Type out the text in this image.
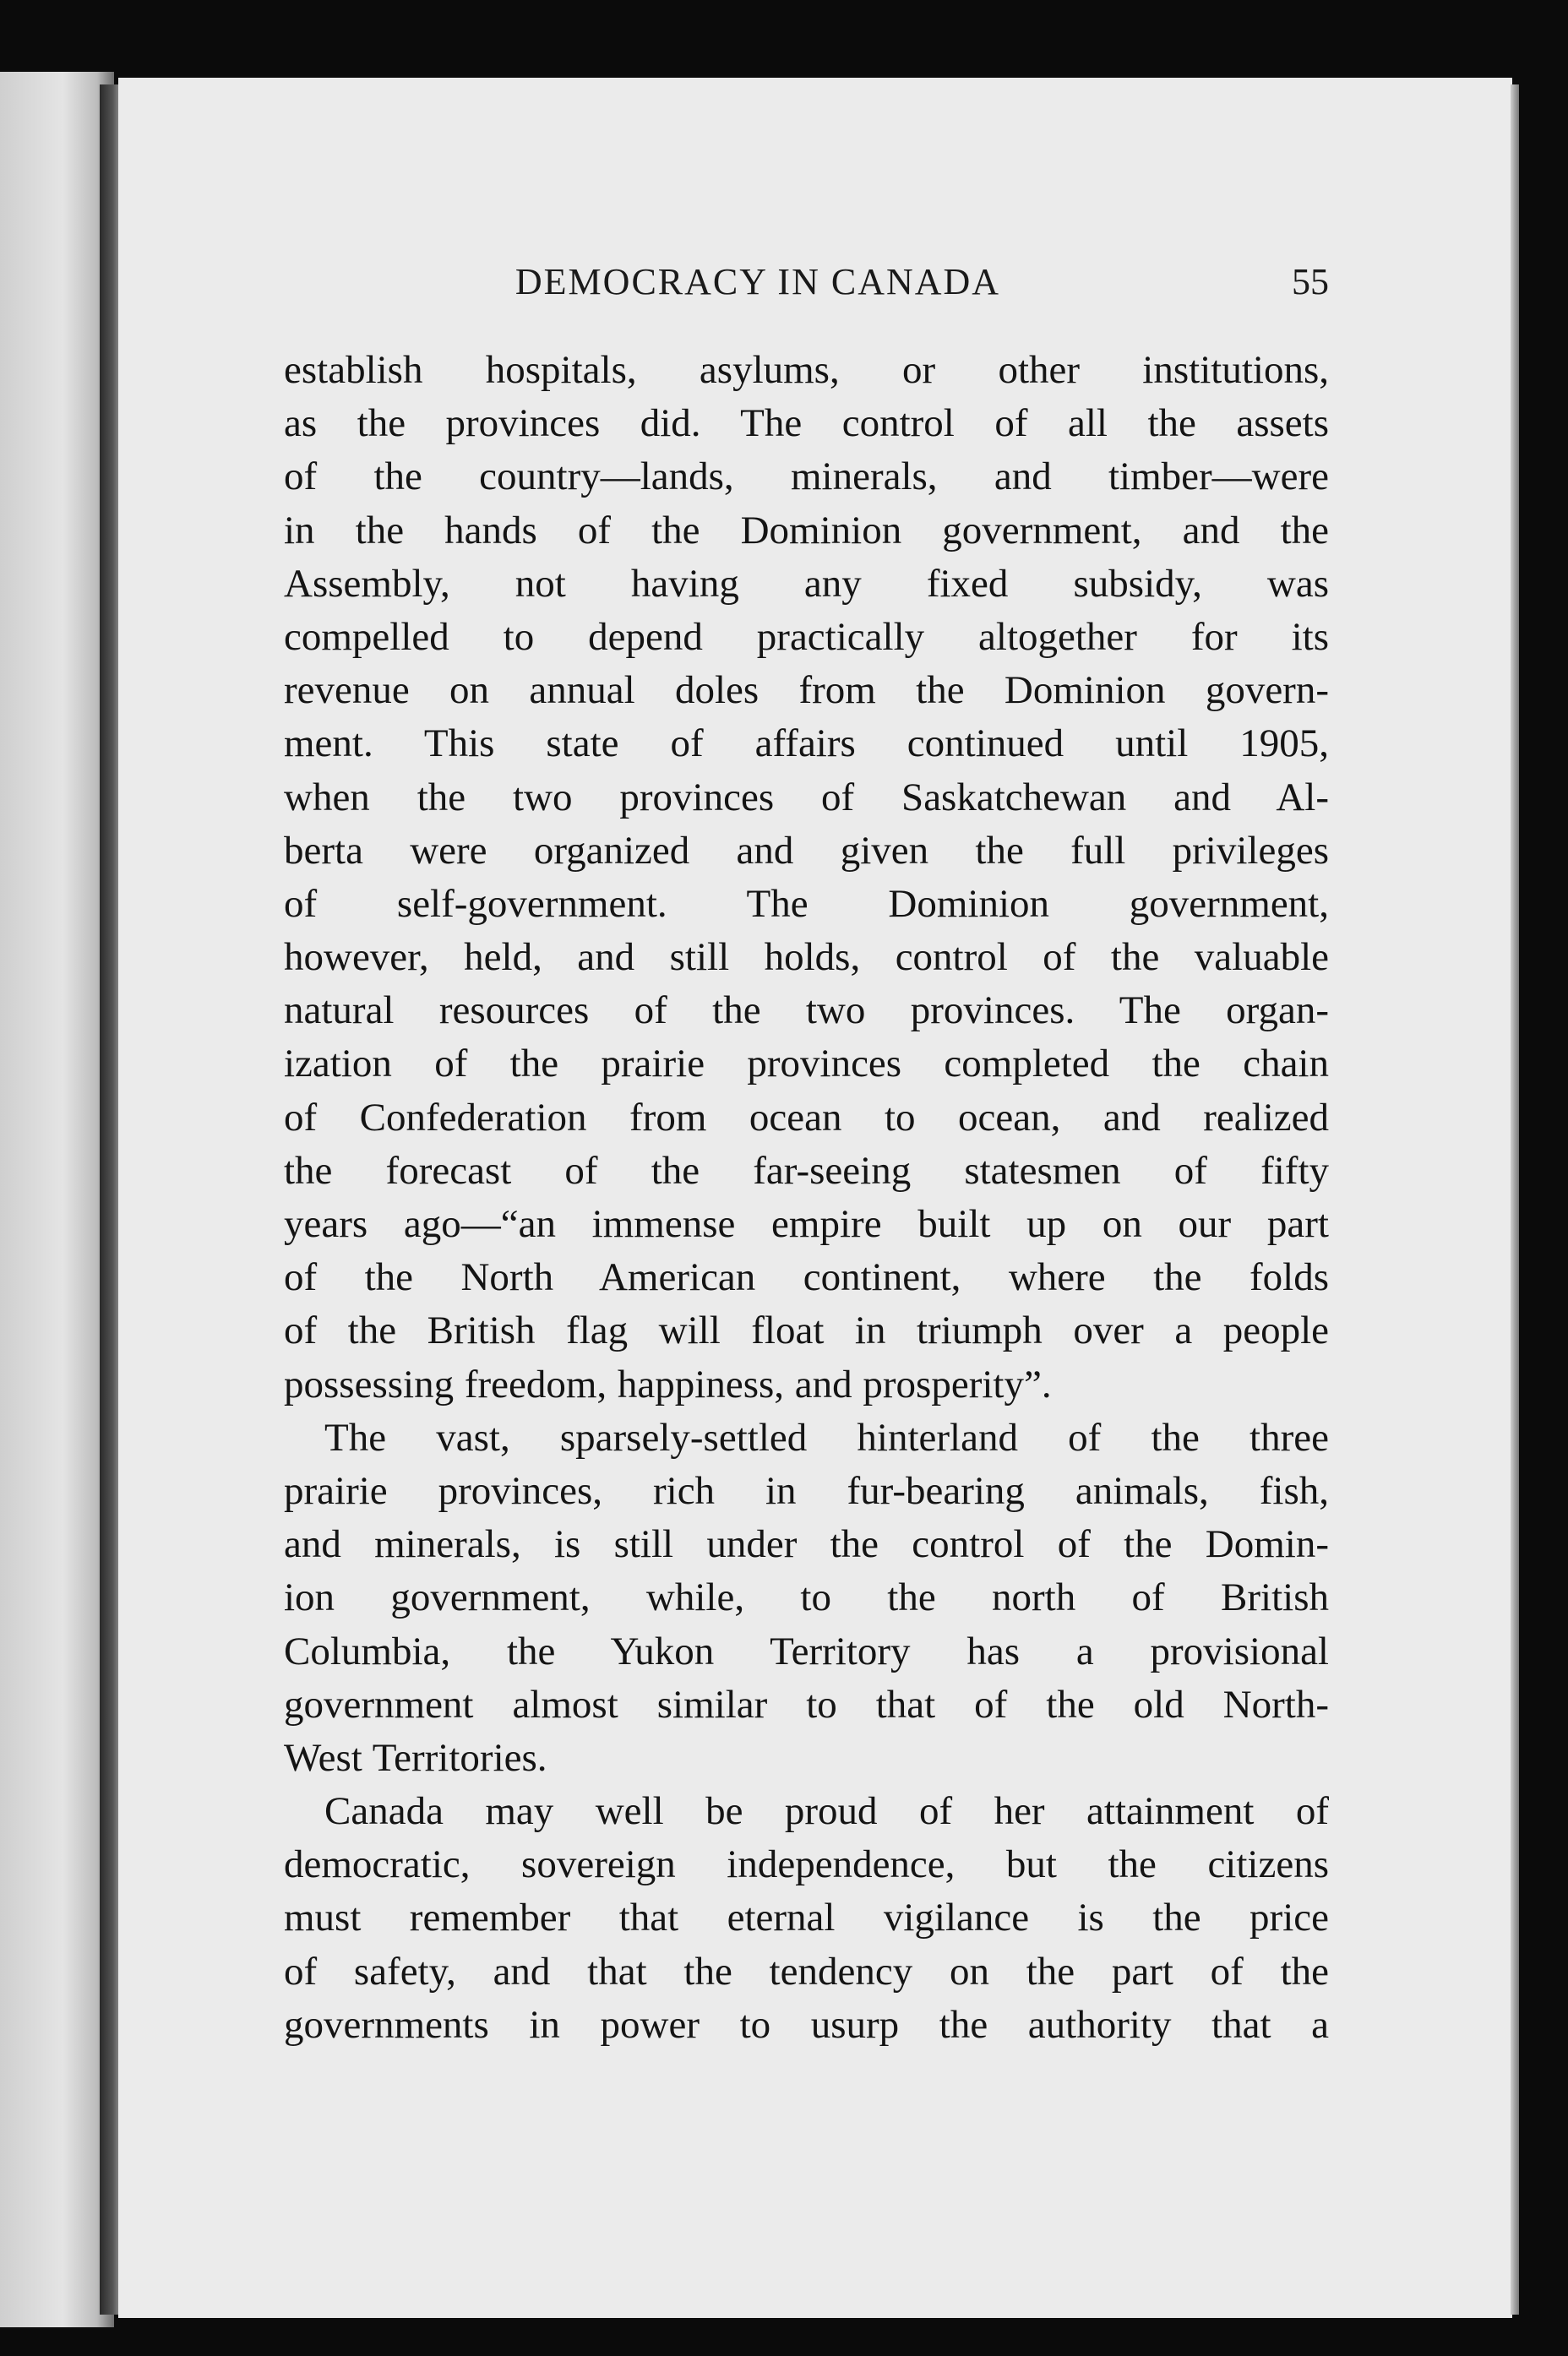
DEMOCRACY IN CANADA	55
establish hospitals, asylums, or other institutions,
as the provinces did. The control of all the assets
of the country—lands, minerals, and timber—were
in the hands of the Dominion government, and the
Assembly, not having any fixed subsidy, was
compelled to depend practically altogether for its
revenue on annual doles from the Dominion govern-
ment. This state of affairs continued until 1905,
when the two provinces of Saskatchewan and Al-
berta were organized and given the full privileges
of self-government. The Dominion government,
however, held, and still holds, control of the valuable
natural resources of the two provinces. The organ-
ization of the prairie provinces completed the chain
of Confederation from ocean to ocean, and realized
the forecast of the far-seeing statesmen of fifty
years ago—“an immense empire built up on our part
of the North American continent, where the folds
of the British flag will float in triumph over a people
possessing freedom, happiness, and prosperity”.
The vast, sparsely-settled hinterland of the three
prairie provinces, rich in fur-bearing animals, fish,
and minerals, is still under the control of the Domin-
ion government, while, to the north of British
Columbia, the Yukon Territory has a provisional
government almost similar to that of the old North-
West Territories.
Canada may well be proud of her attainment of
democratic, sovereign independence, but the citizens
must remember that eternal vigilance is the price
of safety, and that the tendency on the part of the
governments in power to usurp the authority that a
